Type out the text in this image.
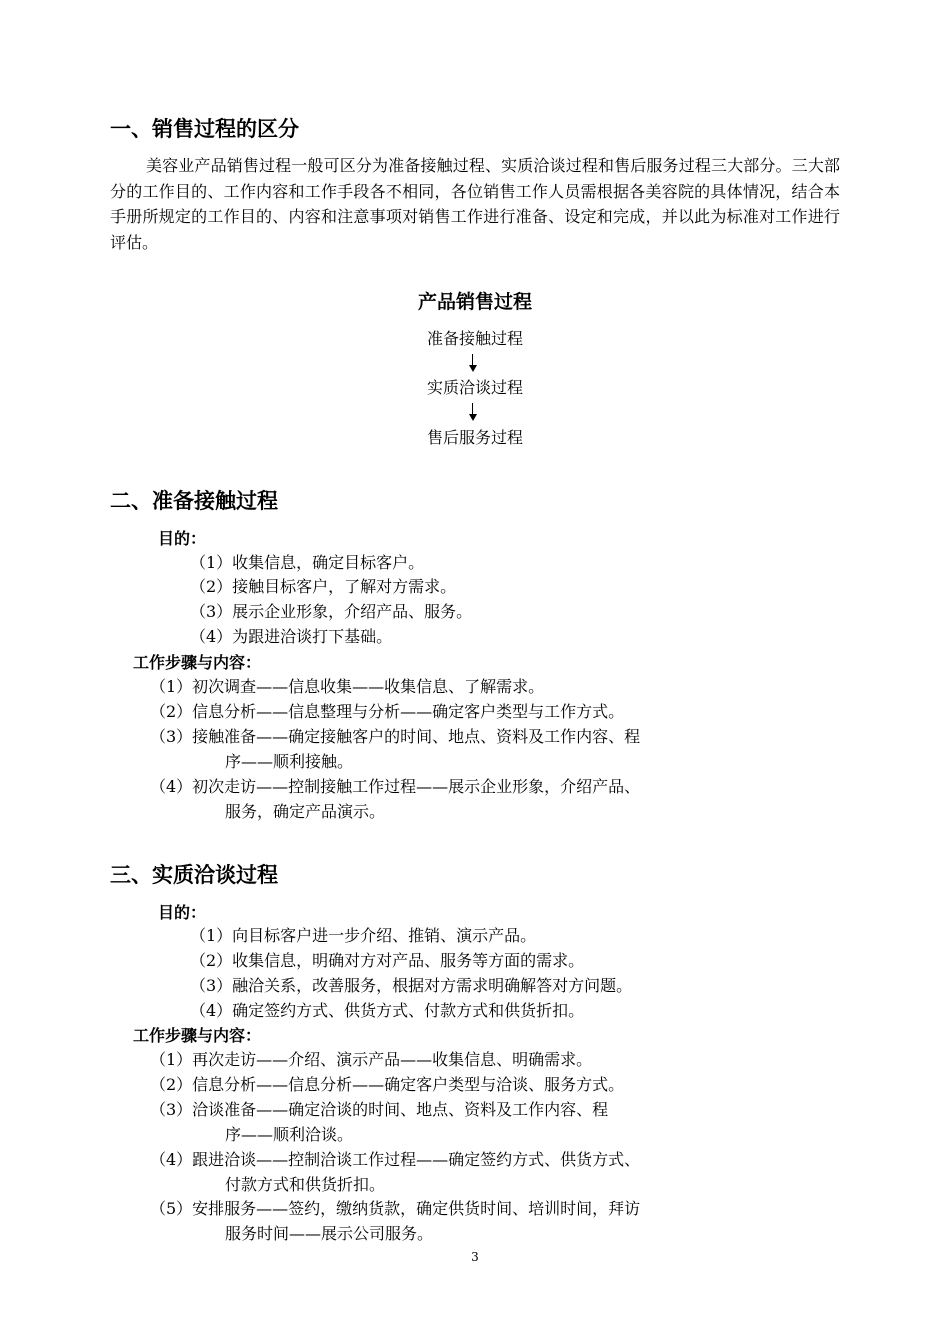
一、销售过程的区分
美容业产品销售过程一般可区分为准备接触过程、实质洽谈过程和售后服务过程三大部分。三大部分的工作目的、工作内容和工作手段各不相同，各位销售工作人员需根据各美容院的具体情况，结合本手册所规定的工作目的、内容和注意事项对销售工作进行准备、设定和完成，并以此为标准对工作进行评估。
产品销售过程
准备接触过程
实质洽谈过程
售后服务过程
二、准备接触过程
目的：
（1）收集信息，确定目标客户。
（2）接触目标客户，了解对方需求。
（3）展示企业形象，介绍产品、服务。
（4）为跟进洽谈打下基础。
工作步骤与内容：
（1）初次调查——信息收集——收集信息、了解需求。
（2）信息分析——信息整理与分析——确定客户类型与工作方式。
（3）接触准备——确定接触客户的时间、地点、资料及工作内容、程
序——顺利接触。
（4）初次走访——控制接触工作过程——展示企业形象，介绍产品、
服务，确定产品演示。
三、实质洽谈过程
目的：
（1）向目标客户进一步介绍、推销、演示产品。
（2）收集信息，明确对方对产品、服务等方面的需求。
（3）融洽关系，改善服务，根据对方需求明确解答对方问题。
（4）确定签约方式、供货方式、付款方式和供货折扣。
工作步骤与内容：
（1）再次走访——介绍、演示产品——收集信息、明确需求。
（2）信息分析——信息分析——确定客户类型与洽谈、服务方式。
（3）洽谈准备——确定洽谈的时间、地点、资料及工作内容、程
序——顺利洽谈。
（4）跟进洽谈——控制洽谈工作过程——确定签约方式、供货方式、
付款方式和供货折扣。
（5）安排服务——签约，缴纳货款，确定供货时间、培训时间，拜访
服务时间——展示公司服务。
3
